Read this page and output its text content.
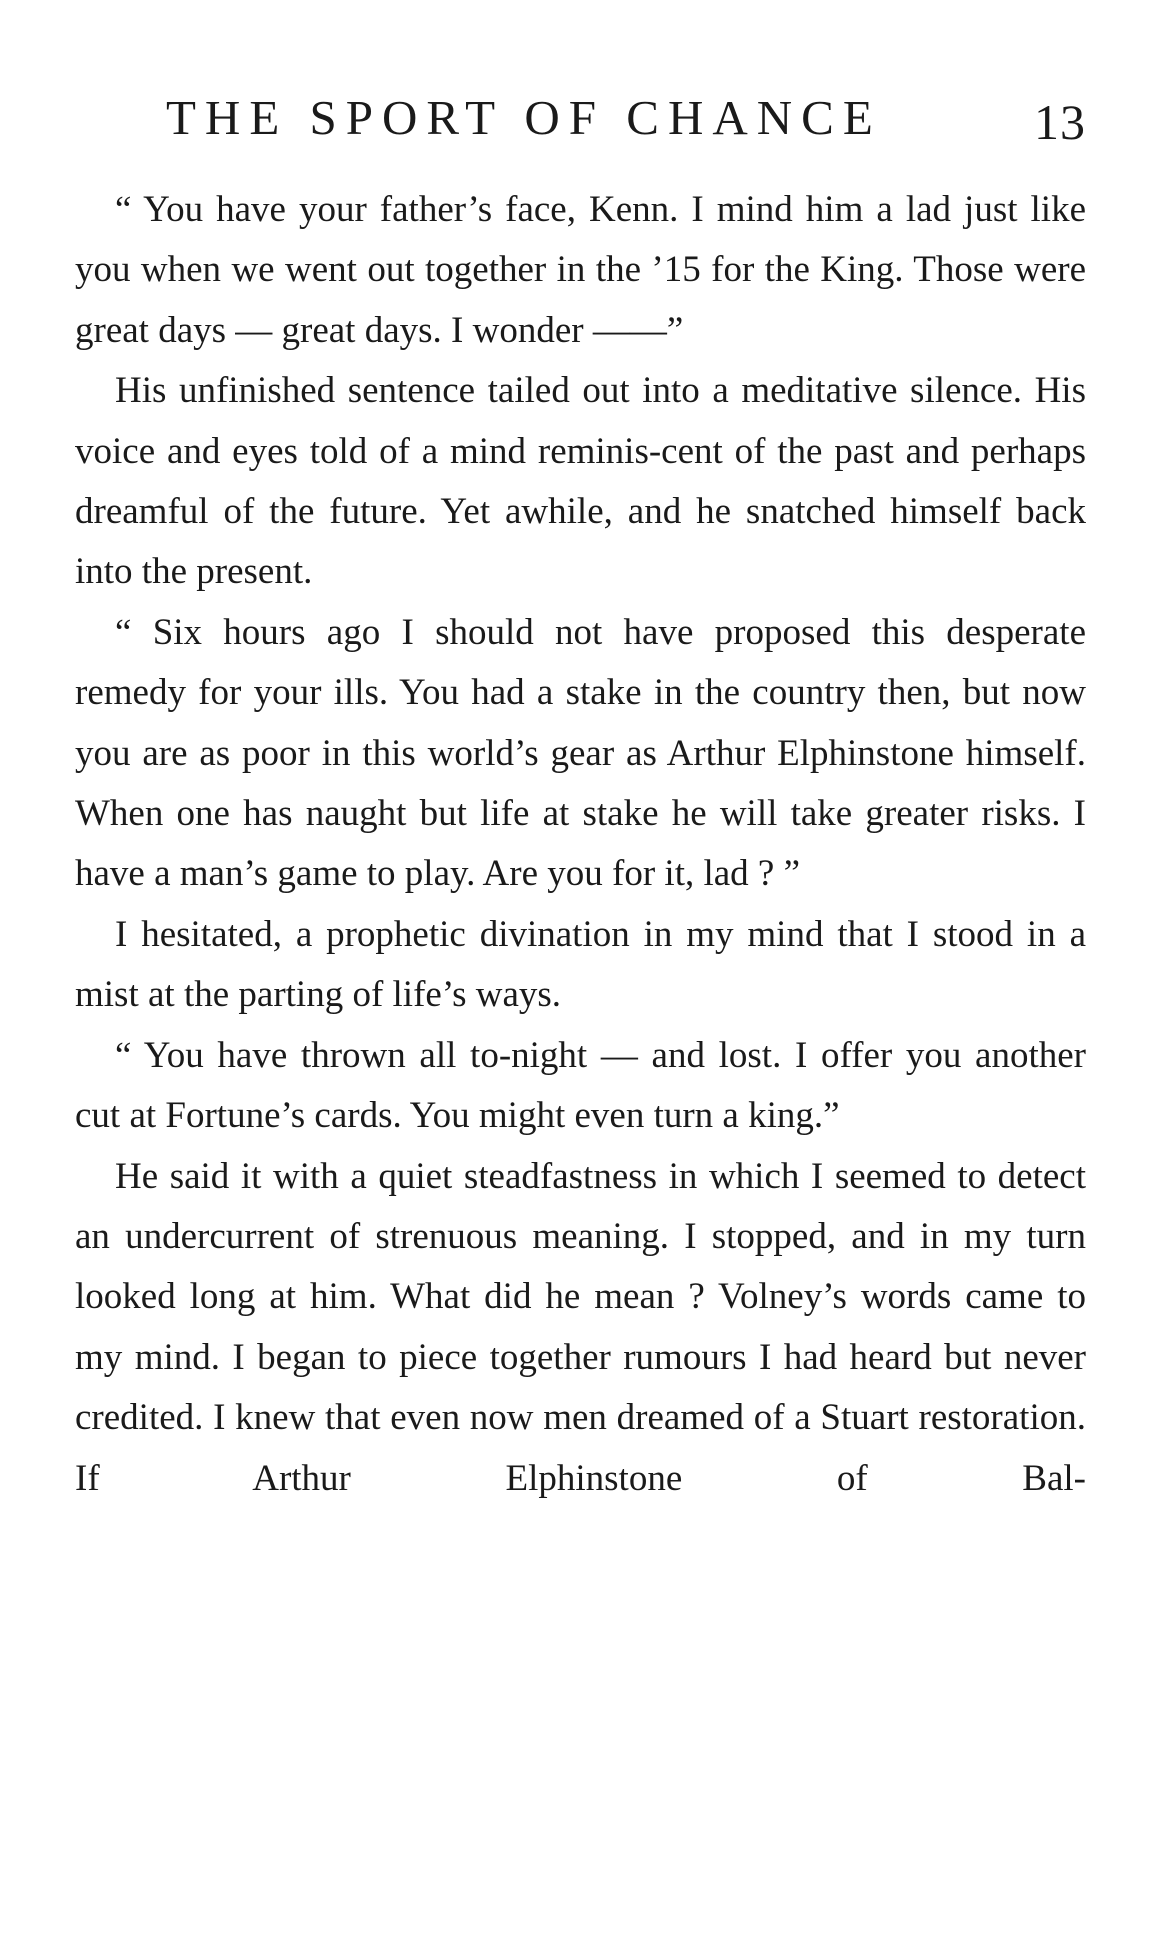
THE SPORT OF CHANCE	13

“ You have your father’s face, Kenn. I mind him a lad just like you when we went out together in the ’15 for the King. Those were great days — great days. I wonder ——”

His unfinished sentence tailed out into a meditative silence. His voice and eyes told of a mind reminis-cent of the past and perhaps dreamful of the future. Yet awhile, and he snatched himself back into the present.

“ Six hours ago I should not have proposed this desperate remedy for your ills. You had a stake in the country then, but now you are as poor in this world’s gear as Arthur Elphinstone himself. When one has naught but life at stake he will take greater risks. I have a man’s game to play. Are you for it, lad ? ”

I hesitated, a prophetic divination in my mind that I stood in a mist at the parting of life’s ways.

“ You have thrown all to-night — and lost. I offer you another cut at Fortune’s cards. You might even turn a king.”

He said it with a quiet steadfastness in which I seemed to detect an undercurrent of strenuous meaning. I stopped, and in my turn looked long at him. What did he mean ? Volney’s words came to my mind. I began to piece together rumours I had heard but never credited. I knew that even now men dreamed of a Stuart restoration. If Arthur Elphinstone of Bal-
